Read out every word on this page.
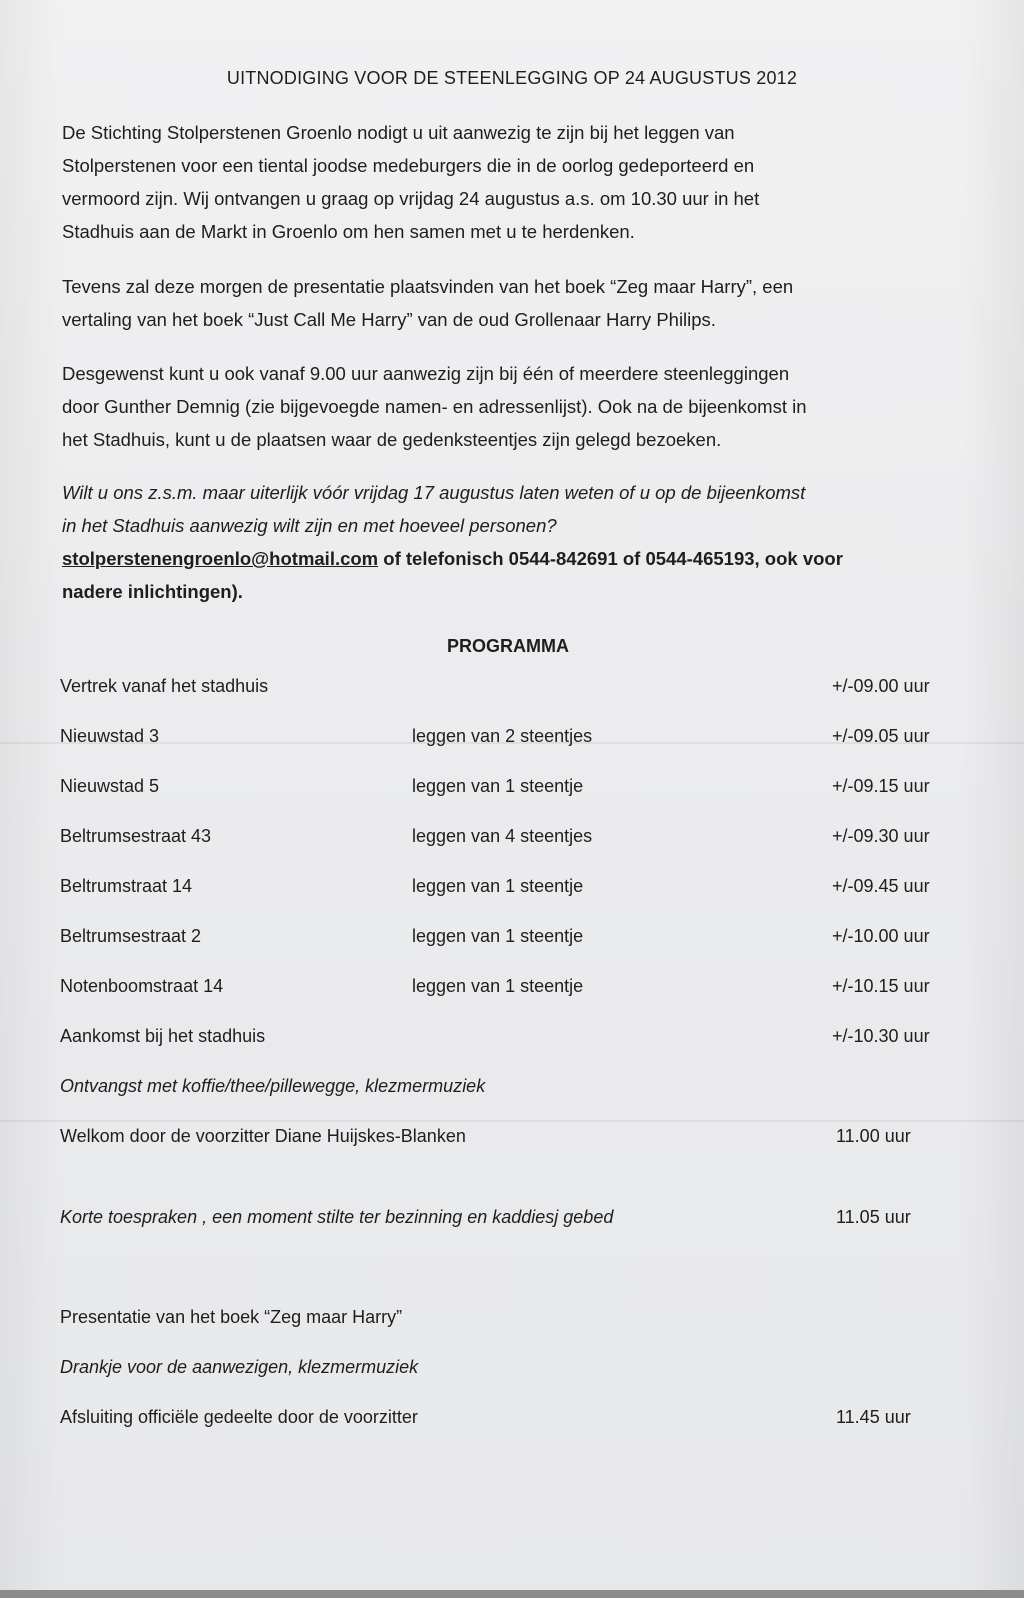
UITNODIGING VOOR DE STEENLEGGING OP 24 AUGUSTUS 2012
De Stichting Stolperstenen Groenlo nodigt u uit aanwezig te zijn bij het leggen van
Stolperstenen voor een tiental joodse medeburgers die in de oorlog gedeporteerd en
vermoord zijn. Wij ontvangen u graag op vrijdag 24 augustus a.s. om 10.30 uur in het
Stadhuis aan de Markt in Groenlo om hen samen met u te herdenken.
Tevens zal deze morgen de presentatie plaatsvinden van het boek “Zeg maar Harry”, een
vertaling van het boek “Just Call Me Harry” van de oud Grollenaar Harry Philips.
Desgewenst kunt u ook vanaf 9.00 uur aanwezig zijn bij één of meerdere steenleggingen
door Gunther Demnig (zie bijgevoegde namen- en adressenlijst). Ook na de bijeenkomst in
het Stadhuis, kunt u de plaatsen waar de gedenksteentjes zijn gelegd bezoeken.
Wilt u ons z.s.m. maar uiterlijk vóór vrijdag 17 augustus laten weten of u op de bijeenkomst
in het Stadhuis aanwezig wilt zijn en met hoeveel personen?
stolperstenengroenlo@hotmail.com of telefonisch 0544-842691 of 0544-465193, ook voor
nadere inlichtingen).
PROGRAMMA
Vertrek vanaf het stadhuis	+/-09.00 uur
Nieuwstad 3	leggen van 2 steentjes	+/-09.05 uur
Nieuwstad 5	leggen van 1 steentje	+/-09.15 uur
Beltrumsestraat 43	leggen van 4 steentjes	+/-09.30 uur
Beltrumstraat 14	leggen van 1 steentje	+/-09.45 uur
Beltrumsestraat 2	leggen van 1 steentje	+/-10.00 uur
Notenboomstraat 14	leggen van 1 steentje	+/-10.15 uur
Aankomst bij het stadhuis	+/-10.30 uur
Ontvangst met koffie/thee/pillewegge, klezmermuziek
Welkom door de voorzitter Diane Huijskes-Blanken	11.00 uur
Korte toespraken , een moment stilte ter bezinning en kaddiesj gebed	11.05 uur
Presentatie van het boek “Zeg maar Harry”
Drankje voor de aanwezigen, klezmermuziek
Afsluiting officiële gedeelte door de voorzitter	11.45 uur
